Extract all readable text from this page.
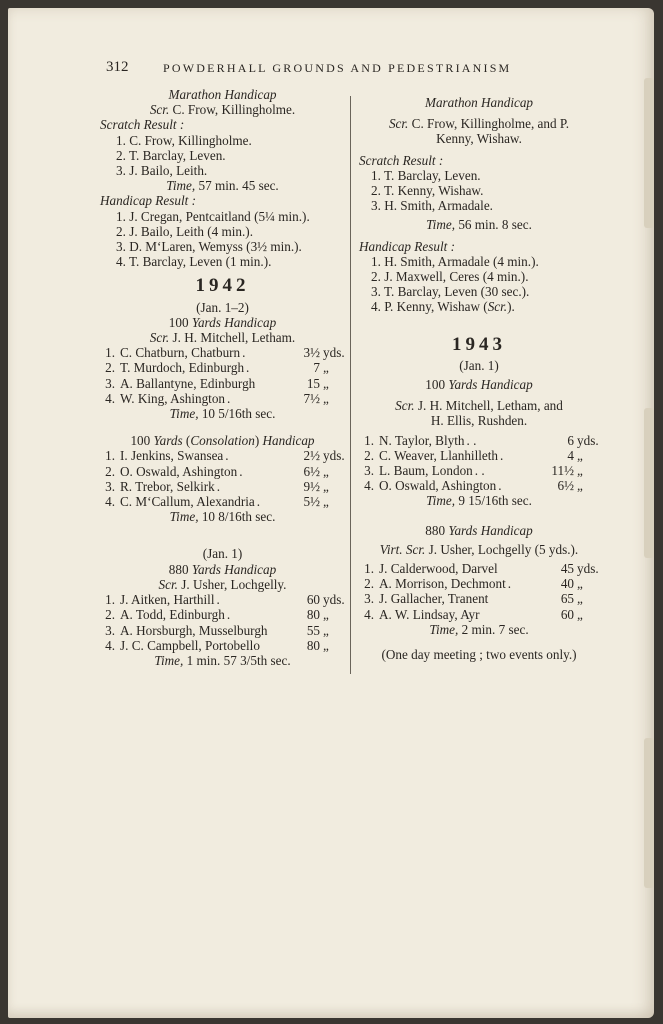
312	POWDERHALL GROUNDS AND PEDESTRIANISM
Marathon Handicap
Scr. C. Frow, Killingholme.
Scratch Result :
1. C. Frow, Killingholme.
2. T. Barclay, Leven.
3. J. Bailo, Leith.
Time, 57 min. 45 sec.
Handicap Result :
1. J. Cregan, Pentcaitland (5¼ min.).
2. J. Bailo, Leith (4 min.).
3. D. M‘Laren, Wemyss (3½ min.).
4. T. Barclay, Leven (1 min.).
1942
(Jan. 1–2)
100 Yards Handicap
Scr. J. H. Mitchell, Letham.
1. C. Chatburn, Chatburn .	3½ yds.
2. T. Murdoch, Edinburgh .	7 „
3. A. Ballantyne, Edinburgh	15 „
4. W. King, Ashington .	7½ „
Time, 10 5/16th sec.
100 Yards (Consolation) Handicap
1. I. Jenkins, Swansea .	2½ yds.
2. O. Oswald, Ashington .	6½ „
3. R. Trebor, Selkirk .	9½ „
4. C. M‘Callum, Alexandria .	5½ „
Time, 10 8/16th sec.
(Jan. 1)
880 Yards Handicap
Scr. J. Usher, Lochgelly.
1. J. Aitken, Harthill .	60 yds.
2. A. Todd, Edinburgh .	80 „
3. A. Horsburgh, Musselburgh	55 „
4. J. C. Campbell, Portobello	80 „
Time, 1 min. 57 3/5th sec.
Marathon Handicap
Scr. C. Frow, Killingholme, and P.
Kenny, Wishaw.
Scratch Result :
1. T. Barclay, Leven.
2. T. Kenny, Wishaw.
3. H. Smith, Armadale.
Time, 56 min. 8 sec.
Handicap Result :
1. H. Smith, Armadale (4 min.).
2. J. Maxwell, Ceres (4 min.).
3. T. Barclay, Leven (30 sec.).
4. P. Kenny, Wishaw (Scr.).
1943
(Jan. 1)
100 Yards Handicap
Scr. J. H. Mitchell, Letham, and
H. Ellis, Rushden.
1. N. Taylor, Blyth . .	6 yds.
2. C. Weaver, Llanhilleth .	4 „
3. L. Baum, London . .	11½ „
4. O. Oswald, Ashington .	6½ „
Time, 9 15/16th sec.
880 Yards Handicap
Virt. Scr. J. Usher, Lochgelly (5 yds.).
1. J. Calderwood, Darvel	45 yds.
2. A. Morrison, Dechmont .	40 „
3. J. Gallacher, Tranent	65 „
4. A. W. Lindsay, Ayr	60 „
Time, 2 min. 7 sec.
(One day meeting ; two events only.)
